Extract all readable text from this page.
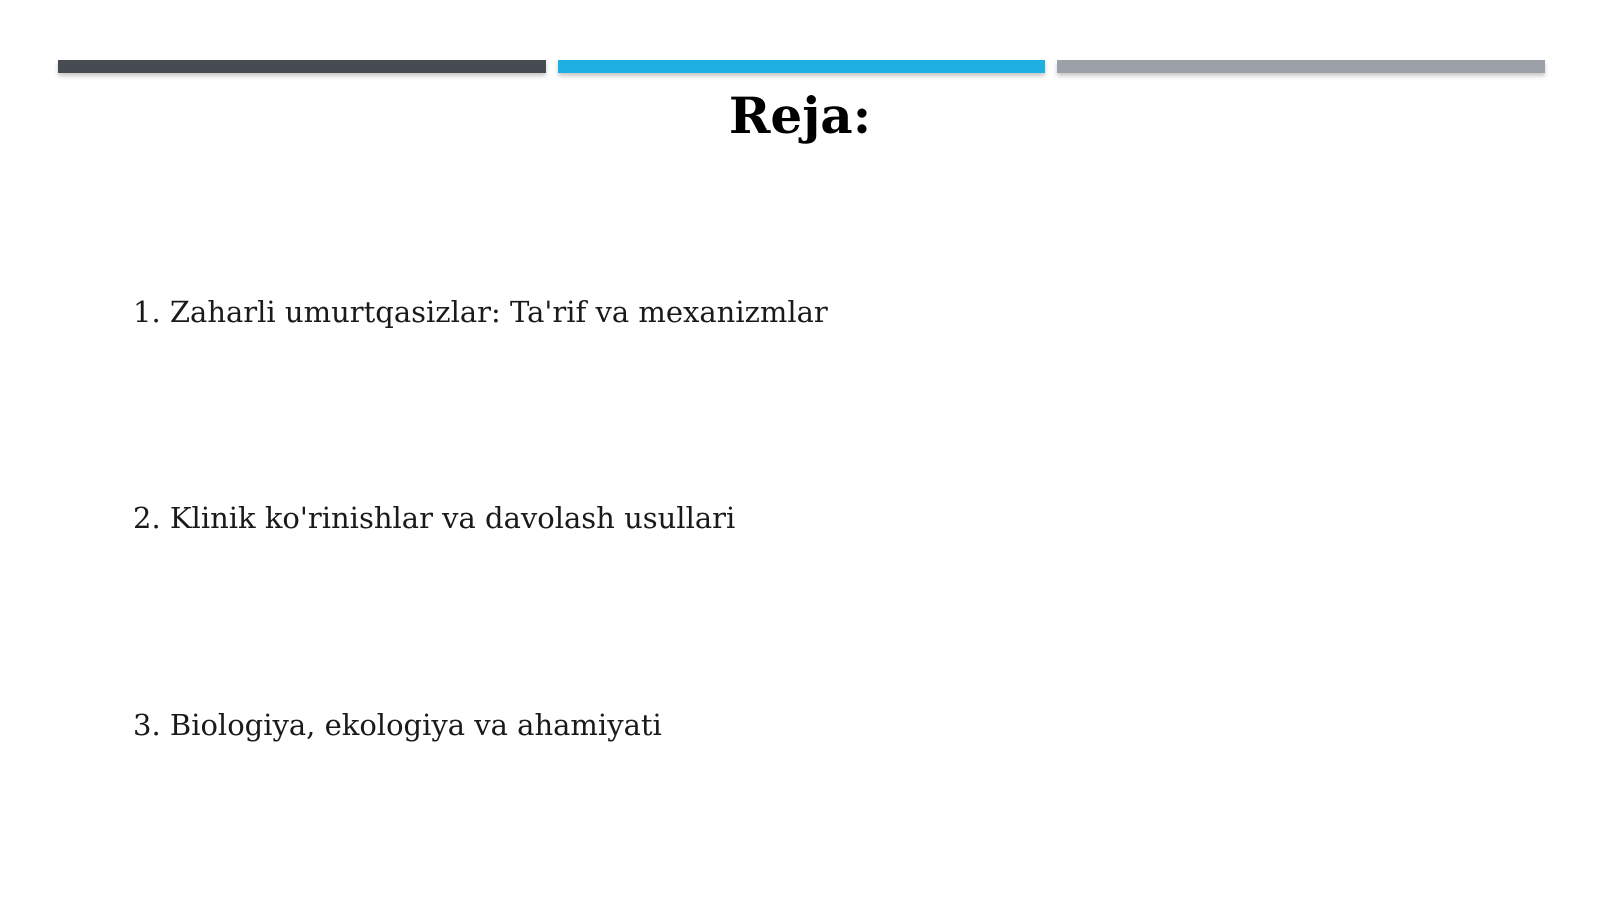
Reja:
1. Zaharli umurtqasizlar: Ta'rif va mexanizmlar
2. Klinik ko'rinishlar va davolash usullari
3. Biologiya, ekologiya va ahamiyati
